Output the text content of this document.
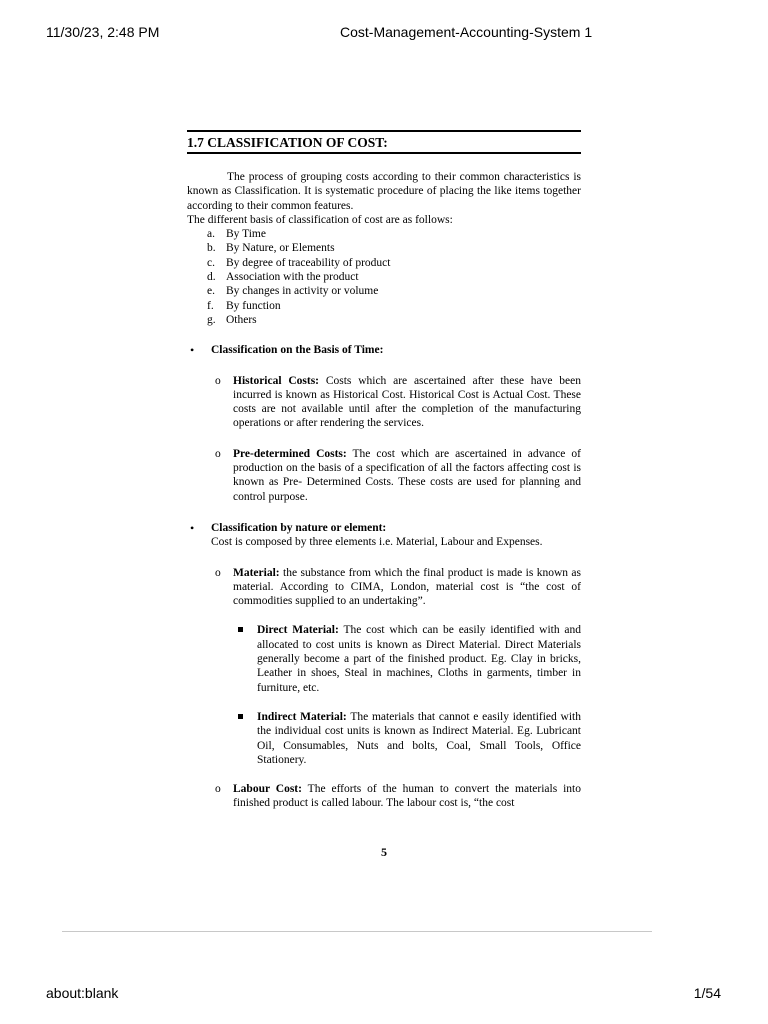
11/30/23, 2:48 PM	Cost-Management-Accounting-System 1
1.7 CLASSIFICATION OF COST:

The process of grouping costs according to their common characteristics is known as Classification. It is systematic procedure of placing the like items together according to their common features.

The different basis of classification of cost are as follows:

a. By Time
b. By Nature, or Elements
c. By degree of traceability of product
d. Association with the product
e. By changes in activity or volume
f. By function
g. Others
• Classification on the Basis of Time:
o

Historical Costs: Costs which are ascertained after these have been incurred is known as Historical Cost. Historical Cost is Actual Cost. These costs are not available until after the completion of the manufacturing operations or after rendering the services.

o

Pre-determined Costs: The cost which are ascertained in advance of production on the basis of a specification of all the factors affecting cost is known as Pre- Determined Costs. These costs are used for planning and control purpose.

• Classification by nature or element:

Cost is composed by three elements i.e. Material, Labour and Expenses.

o

Material: the substance from which the final product is made is known as material. According to CIMA, London, material cost is “the cost of commodities supplied to an undertaking”.

Direct Material: The cost which can be easily identified with and allocated to cost units is known as Direct Material. Direct Materials generally become a part of the finished product. Eg. Clay in bricks, Leather in shoes, Steal in machines, Cloths in garments, timber in furniture, etc.

Indirect Material: The materials that cannot e easily identified with the individual cost units is known as Indirect Material. Eg. Lubricant Oil, Consumables, Nuts and bolts, Coal, Small Tools, Office Stationery.

o

Labour Cost: The efforts of the human to convert the materials into finished product is called labour. The labour cost is, “the cost

5
about:blank	1/54
